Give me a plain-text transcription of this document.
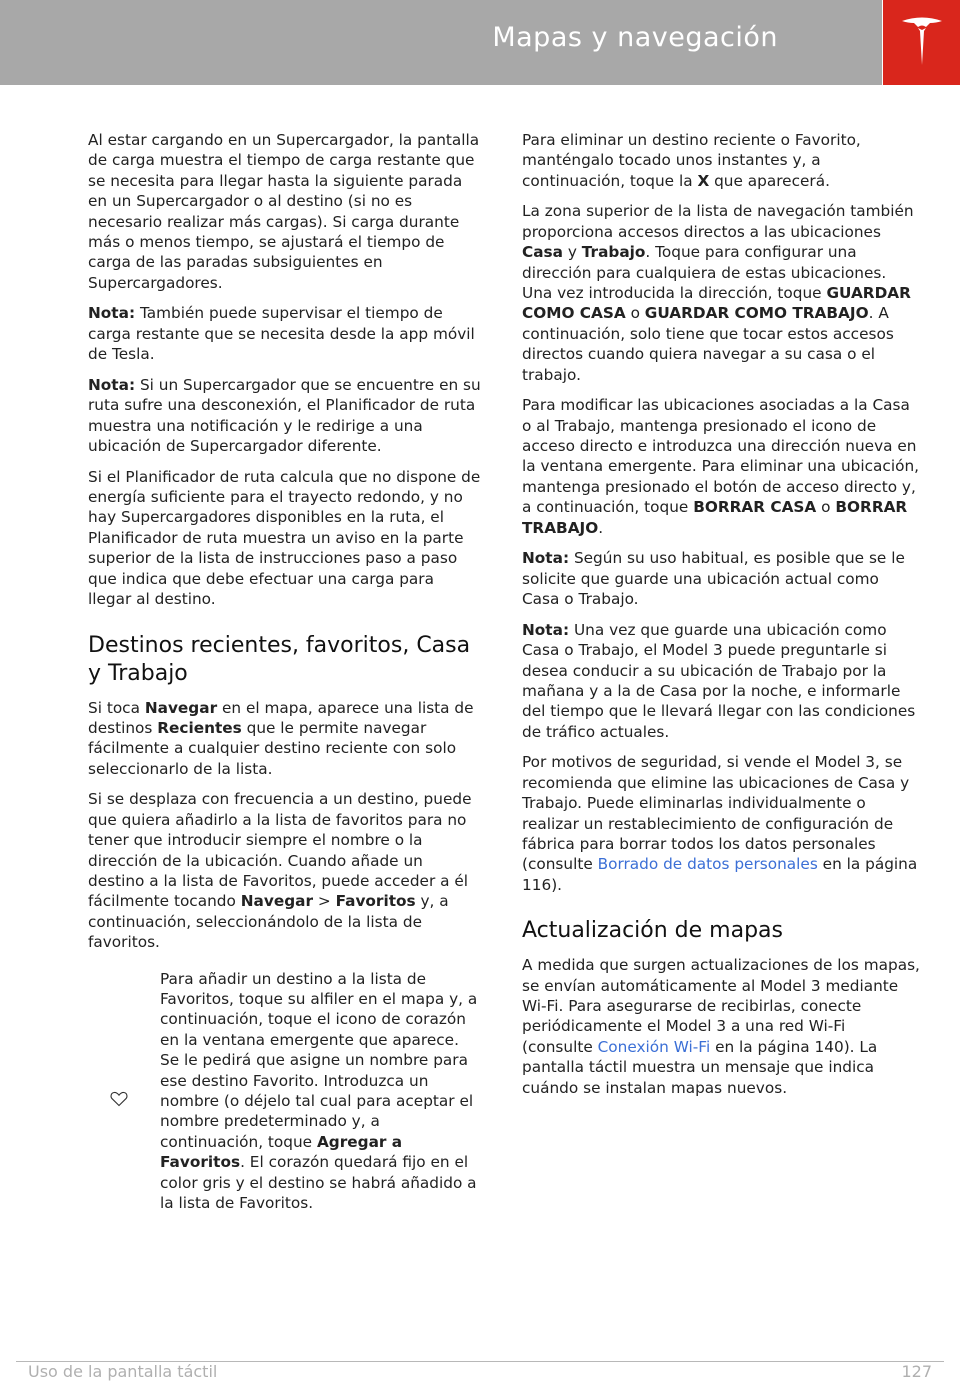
Mapas y navegación

Al estar cargando en un Supercargador, la pantalla de carga muestra el tiempo de carga restante que se necesita para llegar hasta la siguiente parada en un Supercargador o al destino (si no es necesario realizar más cargas). Si carga durante más o menos tiempo, se ajustará el tiempo de carga de las paradas subsiguientes en Supercargadores.

Nota: También puede supervisar el tiempo de carga restante que se necesita desde la app móvil de Tesla.

Nota: Si un Supercargador que se encuentre en su ruta sufre una desconexión, el Planificador de ruta muestra una notificación y le redirige a una ubicación de Supercargador diferente.

Si el Planificador de ruta calcula que no dispone de energía suficiente para el trayecto redondo, y no hay Supercargadores disponibles en la ruta, el Planificador de ruta muestra un aviso en la parte superior de la lista de instrucciones paso a paso que indica que debe efectuar una carga para llegar al destino.

Destinos recientes, favoritos, Casa y Trabajo

Si toca Navegar en el mapa, aparece una lista de destinos Recientes que le permite navegar fácilmente a cualquier destino reciente con solo seleccionarlo de la lista.

Si se desplaza con frecuencia a un destino, puede que quiera añadirlo a la lista de favoritos para no tener que introducir siempre el nombre o la dirección de la ubicación. Cuando añade un destino a la lista de Favoritos, puede acceder a él fácilmente tocando Navegar > Favoritos y, a continuación, seleccionándolo de la lista de favoritos.

Para añadir un destino a la lista de Favoritos, toque su alfiler en el mapa y, a continuación, toque el icono de corazón en la ventana emergente que aparece. Se le pedirá que asigne un nombre para ese destino Favorito. Introduzca un nombre (o déjelo tal cual para aceptar el nombre predeterminado y, a continuación, toque Agregar a Favoritos. El corazón quedará fijo en el color gris y el destino se habrá añadido a la lista de Favoritos.

Para eliminar un destino reciente o Favorito, manténgalo tocado unos instantes y, a continuación, toque la X que aparecerá.

La zona superior de la lista de navegación también proporciona accesos directos a las ubicaciones Casa y Trabajo. Toque para configurar una dirección para cualquiera de estas ubicaciones. Una vez introducida la dirección, toque GUARDAR COMO CASA o GUARDAR COMO TRABAJO. A continuación, solo tiene que tocar estos accesos directos cuando quiera navegar a su casa o el trabajo.

Para modificar las ubicaciones asociadas a la Casa o al Trabajo, mantenga presionado el icono de acceso directo e introduzca una dirección nueva en la ventana emergente. Para eliminar una ubicación, mantenga presionado el botón de acceso directo y, a continuación, toque BORRAR CASA o BORRAR TRABAJO.

Nota: Según su uso habitual, es posible que se le solicite que guarde una ubicación actual como Casa o Trabajo.

Nota: Una vez que guarde una ubicación como Casa o Trabajo, el Model 3 puede preguntarle si desea conducir a su ubicación de Trabajo por la mañana y a la de Casa por la noche, e informarle del tiempo que le llevará llegar con las condiciones de tráfico actuales.

Por motivos de seguridad, si vende el Model 3, se recomienda que elimine las ubicaciones de Casa y Trabajo. Puede eliminarlas individualmente o realizar un restablecimiento de configuración de fábrica para borrar todos los datos personales (consulte Borrado de datos personales en la página 116).

Actualización de mapas

A medida que surgen actualizaciones de los mapas, se envían automáticamente al Model 3 mediante Wi-Fi. Para asegurarse de recibirlas, conecte periódicamente el Model 3 a una red Wi-Fi (consulte Conexión Wi-Fi en la página 140). La pantalla táctil muestra un mensaje que indica cuándo se instalan mapas nuevos.

Uso de la pantalla táctil	127
